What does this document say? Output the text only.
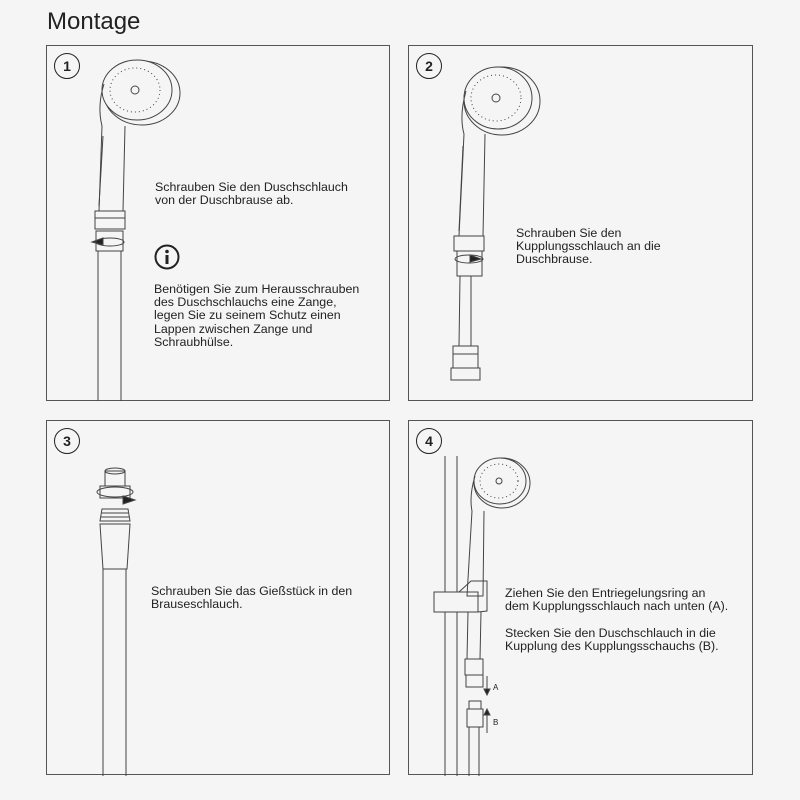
Montage
1
Schrauben Sie den Duschschlauch
von der Duschbrause ab.
Benötigen Sie zum Herausschrauben
des Duschschlauchs eine Zange,
legen Sie zu seinem Schutz einen
Lappen zwischen Zange und
Schraubhülse.
2
Schrauben Sie den
Kupplungsschlauch an die
Duschbrause.
3
Schrauben Sie das Gießstück in den
Brauseschlauch.
4
A
B
Ziehen Sie den Entriegelungsring an
dem Kupplungsschlauch nach unten (A).
Stecken Sie den Duschschlauch in die
Kupplung des Kupplungsschauchs (B).
